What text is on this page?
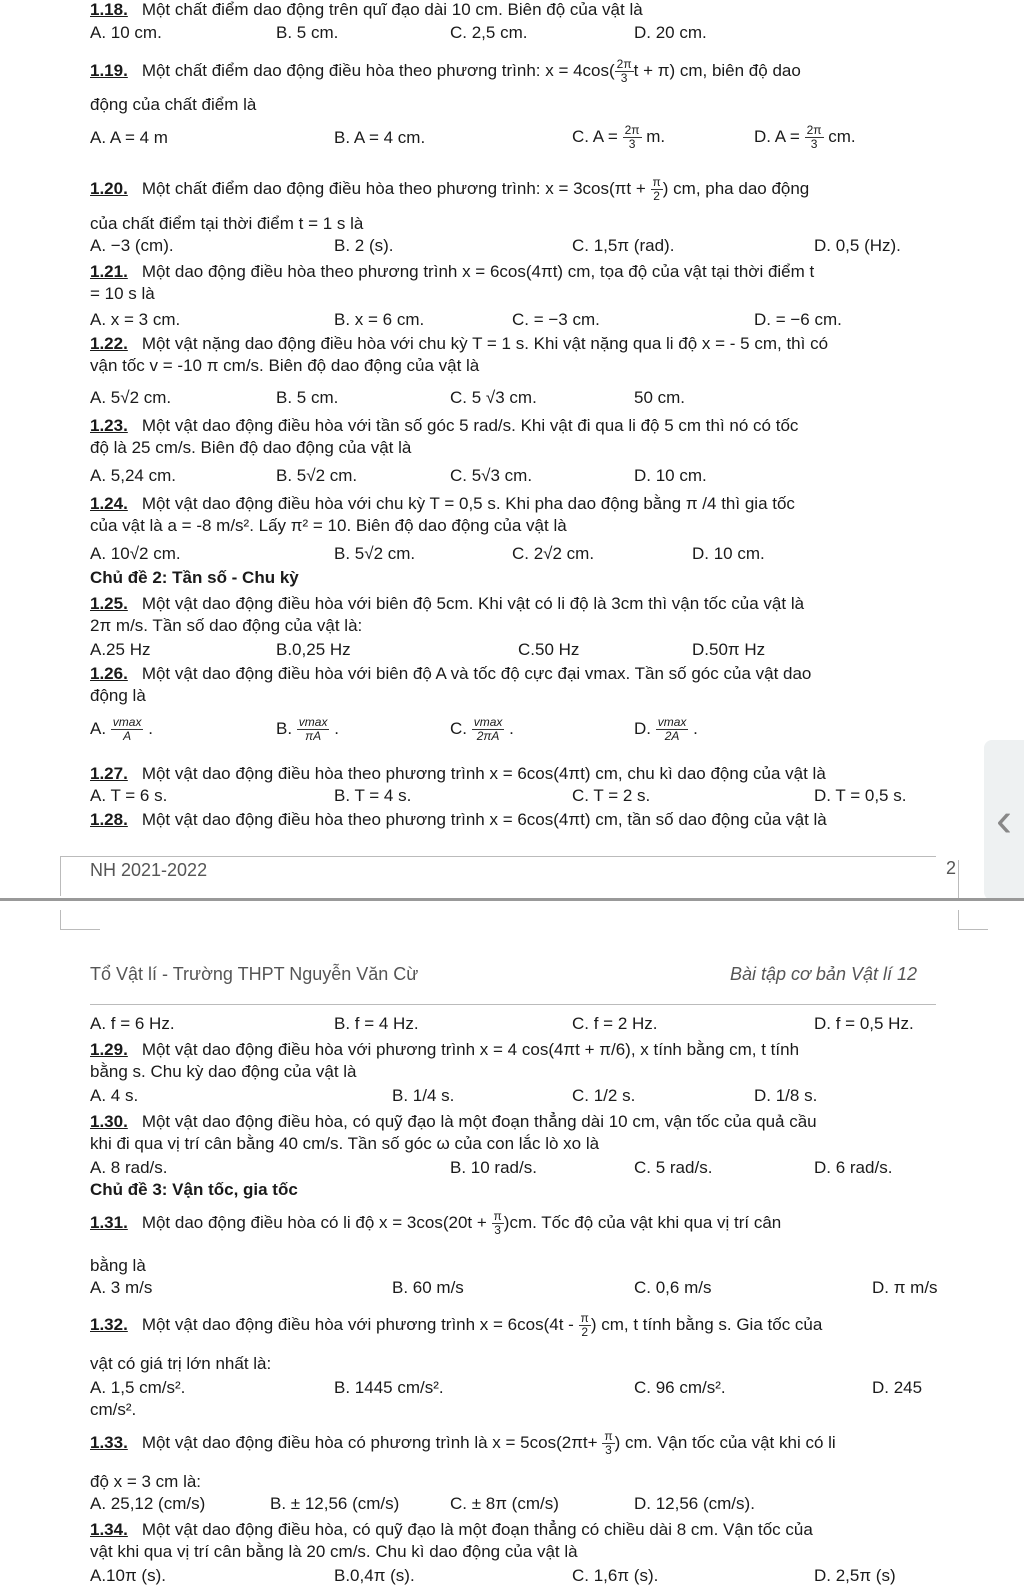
1.18. Một chất điểm dao động trên quĩ đạo dài 10 cm. Biên độ của vật là
A. 10 cm.	B. 5 cm.	C. 2,5 cm.	D. 20 cm.
1.19. Một chất điểm dao động điều hòa theo phương trình: $x = 4\cos( \frac{2\pi}{3}$ t + π) cm, biên độ dao
động của chất điểm là
A. A = 4 m	B. A = 4 cm.	C. $A = \frac{2\pi}{3} m$.	D. $A = \frac{2\pi}{3}$ cm.
1.20. Một chất điểm dao động điều hòa theo phương trình: $x = 3\cos(\pi t + \frac{\pi}{2}$ ) cm, pha dao động
của chất điểm tại thời điểm t = 1 s là
A. −3 (cm).	B. 2 (s).	C. 1,5π (rad).	D. 0,5 (Hz).
1.21. Một dao động điều hòa theo phương trình x = 6cos(4πt) cm, tọa độ của vật tại thời điểm t
= 10 s là
A. x = 3 cm.	B. x = 6 cm.	C. = −3 cm.	D. = −6 cm.
1.22. Một vật nặng dao động điều hòa với chu kỳ T = 1 s. Khi vật nặng qua li độ x = - 5 cm, thì có
vận tốc v = -10 π cm/s. Biên độ dao động của vật là
A. 5√2 cm.	B. 5 cm.	C. 5 √3 cm.	50 cm.
1.23. Một vật dao động điều hòa với tần số góc 5 rad/s. Khi vật đi qua li độ 5 cm thì nó có tốc
độ là 25 cm/s. Biên độ dao động của vật là
A. 5,24 cm.	B. 5√2 cm.	C. 5√3 cm.	D. 10 cm.
1.24. Một vật dao động điều hòa với chu kỳ T = 0,5 s. Khi pha dao động bằng π /4 thì gia tốc
của vật là a = -8 m/s². Lấy π² = 10. Biên độ dao động của vật là
A. 10√2 cm.	B. 5√2 cm.	C. 2√2 cm.	D. 10 cm.
Chủ đề 2: Tần số - Chu kỳ
1.25. Một vật dao động điều hòa với biên độ 5cm. Khi vật có li độ là 3cm thì vận tốc của vật là
2π m/s. Tần số dao động của vật là:
A.25 Hz	B.0,25 Hz	C.50 Hz	D.50π Hz
1.26. Một vật dao động điều hòa với biên độ A và tốc độ cực đại vmax. Tần số góc của vật dao
động là
A. $\frac{vmax}{A}$ .	B. $\frac{vmax}{\pi A}$ .	C. $\frac{vmax}{2\pi A}$ .	D. $\frac{vmax}{2A}$ .
1.27. Một vật dao động điều hòa theo phương trình x = 6cos(4πt) cm, chu kì dao động của vật là
A. T = 6 s.	B. T = 4 s.	C. T = 2 s.	D. T = 0,5 s.
1.28. Một vật dao động điều hòa theo phương trình x = 6cos(4πt) cm, tần số dao động của vật là
NH 2021-2022	2
‹
Tổ Vật lí - Trường THPT Nguyễn Văn Cừ	Bài tập cơ bản Vật lí 12
A. f = 6 Hz.	B. f = 4 Hz.	C. f = 2 Hz.	D. f = 0,5 Hz.
1.29. Một vật dao động điều hòa với phương trình x = 4 cos(4πt + π/6), x tính bằng cm, t tính
bằng s. Chu kỳ dao động của vật là
A. 4 s.	B. 1/4 s.	C. 1/2 s.	D. 1/8 s.
1.30. Một vật dao động điều hòa, có quỹ đạo là một đoạn thẳng dài 10 cm, vận tốc của quả cầu
khi đi qua vị trí cân bằng 40 cm/s. Tần số góc ω của con lắc lò xo là
A. 8 rad/s.	B. 10 rad/s.	C. 5 rad/s.	D. 6 rad/s.
Chủ đề 3: Vận tốc, gia tốc
1.31. Một dao động điều hòa có li độ $x = 3\cos(20t + \frac{\pi}{3} )cm$. Tốc độ của vật khi qua vị trí cân
bằng là
A. 3 m/s	B. 60 m/s	C. 0,6 m/s	D. π m/s
1.32. Một vật dao động điều hòa với phương trình $x = 6\cos(4t - \frac{\pi}{2}$ ) cm, t tính bằng s. Gia tốc của
vật có giá trị lớn nhất là:
A. 1,5 cm/s².	B. 1445 cm/s².	C. 96 cm/s².	D. 245
cm/s².
1.33. Một vật dao động điều hòa có phương trình là $x = 5\cos(2\pi t+ \frac{\pi}{3}$ ) cm. Vận tốc của vật khi có li
độ x = 3 cm là:
A. 25,12 (cm/s)	B. ± 12,56 (cm/s)	C. ± 8π (cm/s)	D. 12,56 (cm/s).
1.34. Một vật dao động điều hòa, có quỹ đạo là một đoạn thẳng có chiều dài 8 cm. Vận tốc của
vật khi qua vị trí cân bằng là 20 cm/s. Chu kì dao động của vật là
A.10π (s).	B.0,4π (s).	C. 1,6π (s).	D. 2,5π (s)
